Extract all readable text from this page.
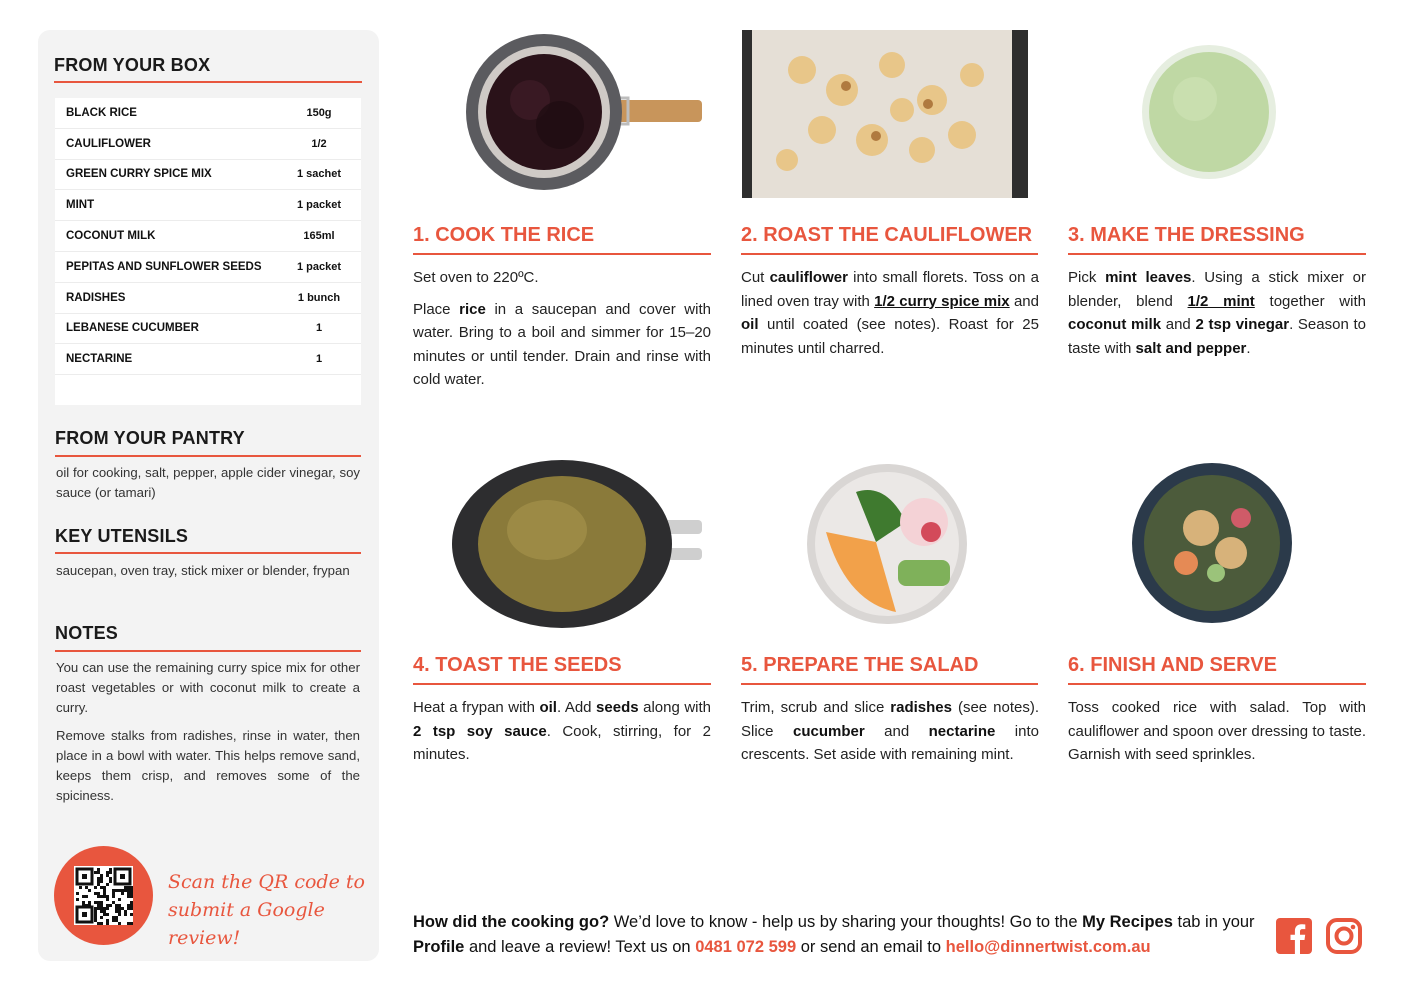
FROM YOUR BOX
BLACK RICE	150g
CAULIFLOWER	1/2
GREEN CURRY SPICE MIX	1 sachet
MINT	1 packet
COCONUT MILK	165ml
PEPITAS AND SUNFLOWER SEEDS	1 packet
RADISHES	1 bunch
LEBANESE CUCUMBER	1
NECTARINE	1
FROM YOUR PANTRY
oil for cooking, salt, pepper, apple cider vinegar, soy sauce (or tamari)
KEY UTENSILS
saucepan, oven tray, stick mixer or blender, frypan
NOTES
You can use the remaining curry spice mix for other roast vegetables or with coconut milk to create a curry.
Remove stalks from radishes, rinse in water, then place in a bowl with water. This helps remove sand, keeps them crisp, and removes some of the spiciness.
Scan the QR code to
submit a Google review!
1. COOK THE RICE

Set oven to 220ºC.

Place rice in a saucepan and cover with water. Bring to a boil and simmer for 15–20 minutes or until tender. Drain and rinse with cold water.

2. ROAST THE CAULIFLOWER

Cut cauliflower into small florets. Toss on a lined oven tray with 1/2 curry spice mix and oil until coated (see notes). Roast for 25 minutes until charred.

3. MAKE THE DRESSING

Pick mint leaves. Using a stick mixer or blender, blend 1/2 mint together with coconut milk and 2 tsp vinegar. Season to taste with salt and pepper.

4. TOAST THE SEEDS

Heat a frypan with oil. Add seeds along with 2 tsp soy sauce. Cook, stirring, for 2 minutes.

5. PREPARE THE SALAD

Trim, scrub and slice radishes (see notes). Slice cucumber and nectarine into crescents. Set aside with remaining mint.

6. FINISH AND SERVE

Toss cooked rice with salad. Top with cauliflower and spoon over dressing to taste. Garnish with seed sprinkles.

How did the cooking go? We’d love to know - help us by sharing your thoughts! Go to the My Recipes tab in your Profile and leave a review! Text us on 0481 072 599 or send an email to hello@dinnertwist.com.au
